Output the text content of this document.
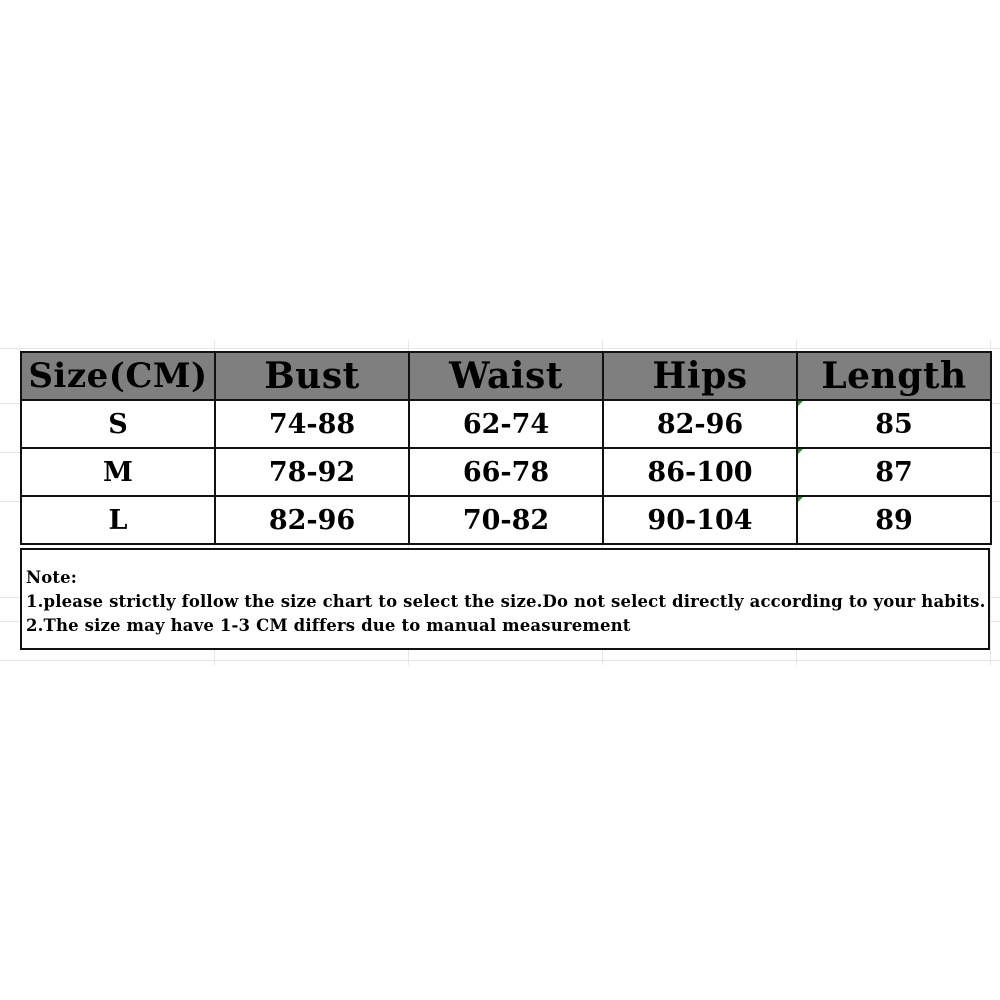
Size(CM)	Bust	Waist	Hips	Length
S	74-88	62-74	82-96	85
M	78-92	66-78	86-100	87
L	82-96	70-82	90-104	89
Note:
1.please strictly follow the size chart to select the size.Do not select directly according to your habits.
2.The size may have 1-3 CM differs due to manual measurement
